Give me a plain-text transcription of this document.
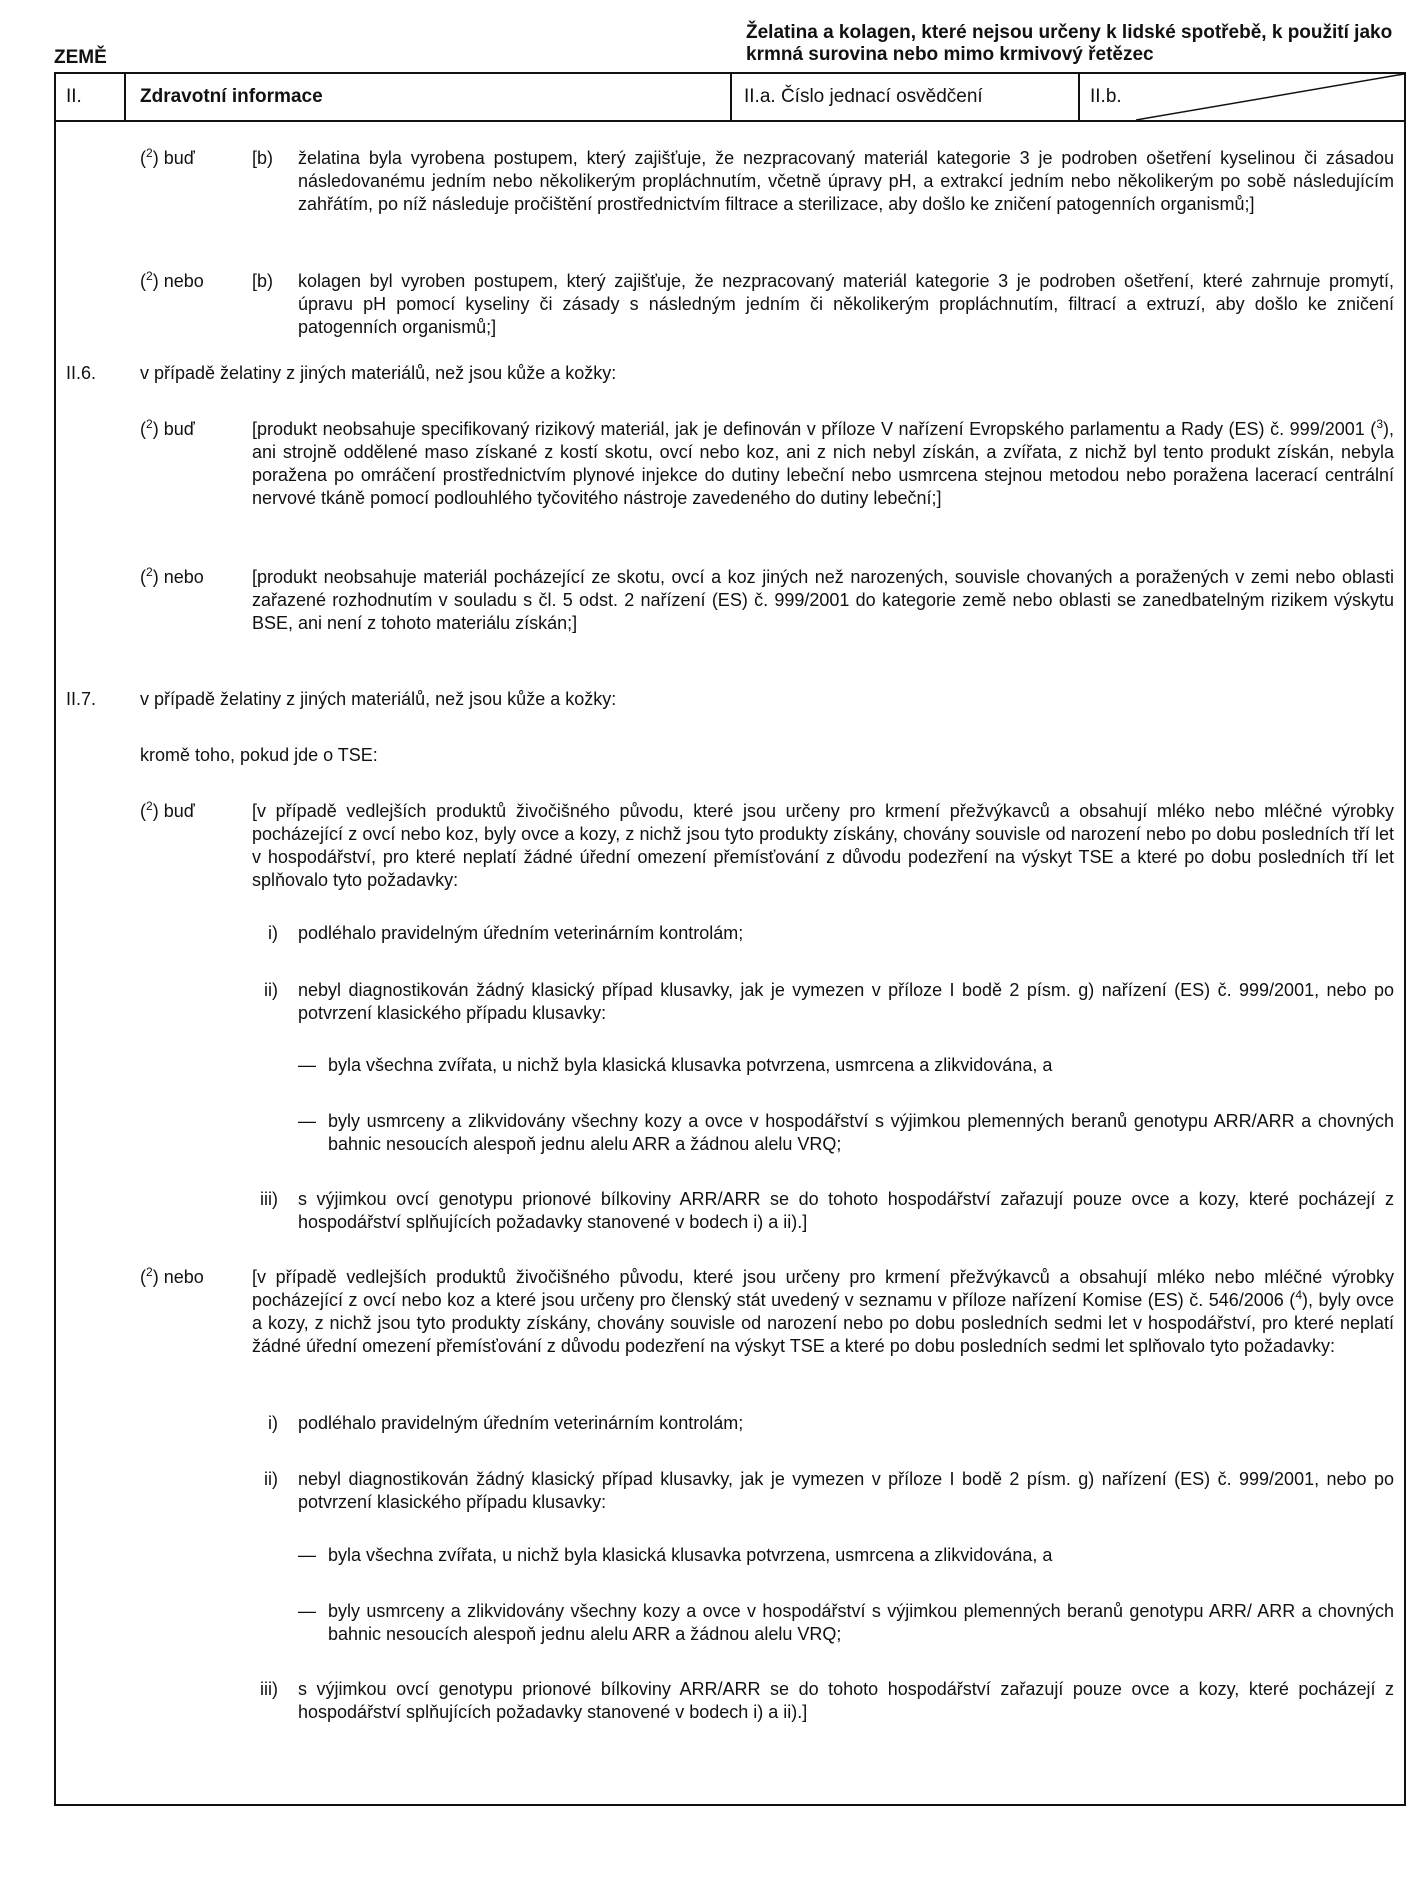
ZEMĚ
Želatina a kolagen, které nejsou určeny k lidské spotřebě, k použití jako krmná surovina nebo mimo krmivový řetězec
II.	Zdravotní informace	II.a. Číslo jednací osvědčení	II.b.
($^2$) buď	[b) želatina byla vyrobena postupem, který zajišťuje, že nezpracovaný materiál kategorie 3 je podroben ošetření kyselinou či zásadou následovanému jedním nebo několikerým propláchnutím, včetně úpravy pH, a extrakcí jedním nebo několikerým po sobě následujícím zahřátím, po níž následuje pročištění prostřednictvím filtrace a sterilizace, aby došlo ke zničení patogenních organismů;]
($^2$) nebo	[b) kolagen byl vyroben postupem, který zajišťuje, že nezpracovaný materiál kategorie 3 je podroben ošetření, které zahrnuje promytí, úpravu pH pomocí kyseliny či zásady s následným jedním či několikerým propláchnutím, filtrací a extruzí, aby došlo ke zničení patogenních organismů;]
II.6. v případě želatiny z jiných materiálů, než jsou kůže a kožky:
($^2$) buď	[produkt neobsahuje specifikovaný rizikový materiál, jak je definován v příloze V nařízení Evropského parlamentu a Rady (ES) č. 999/2001 ($^3$), ani strojně oddělené maso získané z kostí skotu, ovcí nebo koz, ani z nich nebyl získán, a zvířata, z nichž byl tento produkt získán, nebyla poražena po omráčení prostřednictvím plynové injekce do dutiny lebeční nebo usmrcena stejnou metodou nebo poražena lacerací centrální nervové tkáně pomocí podlouhlého tyčovitého nástroje zavedeného do dutiny lebeční;]
($^2$) nebo	[produkt neobsahuje materiál pocházející ze skotu, ovcí a koz jiných než narozených, souvisle chovaných a poražených v zemi nebo oblasti zařazené rozhodnutím v souladu s čl. 5 odst. 2 nařízení (ES) č. 999/2001 do kategorie země nebo oblasti se zanedbatelným rizikem výskytu BSE, ani není z tohoto materiálu získán;]
II.7. v případě želatiny z jiných materiálů, než jsou kůže a kožky:
kromě toho, pokud jde o TSE:
($^2$) buď	[v případě vedlejších produktů živočišného původu, které jsou určeny pro krmení přežvýkavců a obsahují mléko nebo mléčné výrobky pocházející z ovcí nebo koz, byly ovce a kozy, z nichž jsou tyto produkty získány, chovány souvisle od narození nebo po dobu posledních tří let v hospodářství, pro které neplatí žádné úřední omezení přemísťování z důvodu podezření na výskyt TSE a které po dobu posledních tří let splňovalo tyto požadavky:
i) podléhalo pravidelným úředním veterinárním kontrolám;
ii) nebyl diagnostikován žádný klasický případ klusavky, jak je vymezen v příloze I bodě 2 písm. g) nařízení (ES) č. 999/2001, nebo po potvrzení klasického případu klusavky:
— byla všechna zvířata, u nichž byla klasická klusavka potvrzena, usmrcena a zlikvidována, a
— byly usmrceny a zlikvidovány všechny kozy a ovce v hospodářství s výjimkou plemenných beranů genotypu ARR/ARR a chovných bahnic nesoucích alespoň jednu alelu ARR a žádnou alelu VRQ;
iii) s výjimkou ovcí genotypu prionové bílkoviny ARR/ARR se do tohoto hospodářství zařazují pouze ovce a kozy, které pocházejí z hospodářství splňujících požadavky stanovené v bodech i) a ii).]
($^2$) nebo	[v případě vedlejších produktů živočišného původu, které jsou určeny pro krmení přežvýkavců a obsahují mléko nebo mléčné výrobky pocházející z ovcí nebo koz a které jsou určeny pro členský stát uvedený v seznamu v příloze nařízení Komise (ES) č. 546/2006 ($^4$), byly ovce a kozy, z nichž jsou tyto produkty získány, chovány souvisle od narození nebo po dobu posledních sedmi let v hospodářství, pro které neplatí žádné úřední omezení přemísťování z důvodu podezření na výskyt TSE a které po dobu posledních sedmi let splňovalo tyto požadavky:
i) podléhalo pravidelným úředním veterinárním kontrolám;
ii) nebyl diagnostikován žádný klasický případ klusavky, jak je vymezen v příloze I bodě 2 písm. g) nařízení (ES) č. 999/2001, nebo po potvrzení klasického případu klusavky:
— byla všechna zvířata, u nichž byla klasická klusavka potvrzena, usmrcena a zlikvidována, a
— byly usmrceny a zlikvidovány všechny kozy a ovce v hospodářství s výjimkou plemenných beranů genotypu ARR/ ARR a chovných bahnic nesoucích alespoň jednu alelu ARR a žádnou alelu VRQ;
iii) s výjimkou ovcí genotypu prionové bílkoviny ARR/ARR se do tohoto hospodářství zařazují pouze ovce a kozy, které pocházejí z hospodářství splňujících požadavky stanovené v bodech i) a ii).]
